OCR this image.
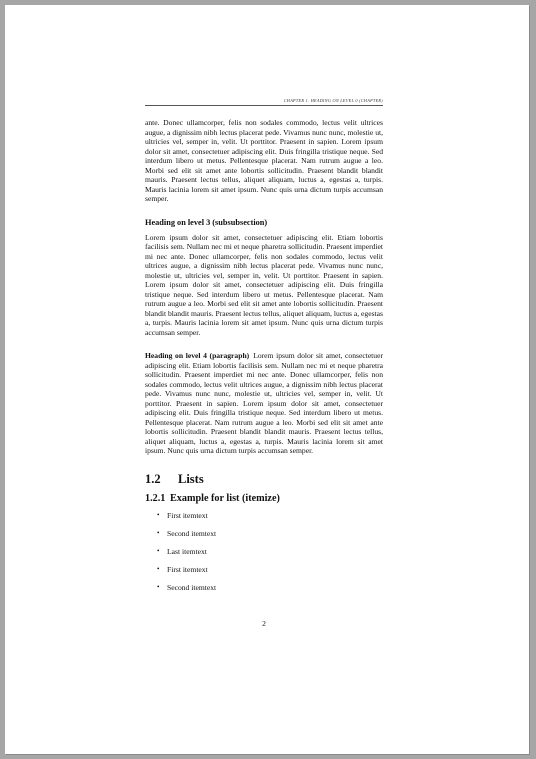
CHAPTER 1. HEADING ON LEVEL 0 (CHAPTER)

ante. Donec ullamcorper, felis non sodales commodo, lectus velit ultrices augue, a dignissim nibh lectus placerat pede. Vivamus nunc nunc, molestie ut, ultricies vel, semper in, velit. Ut porttitor. Praesent in sapien. Lorem ipsum dolor sit amet, consectetuer adipiscing elit. Duis fringilla tristique neque. Sed interdum libero ut metus. Pellentesque placerat. Nam rutrum augue a leo. Morbi sed elit sit amet ante lobortis sollicitudin. Praesent blandit blandit mauris. Praesent lectus tellus, aliquet aliquam, luctus a, egestas a, turpis. Mauris lacinia lorem sit amet ipsum. Nunc quis urna dictum turpis accumsan semper.

Heading on level 3 (subsubsection)

Lorem ipsum dolor sit amet, consectetuer adipiscing elit. Etiam lobortis facilisis sem. Nullam nec mi et neque pharetra sollicitudin. Praesent imperdiet mi nec ante. Donec ullamcorper, felis non sodales commodo, lectus velit ultrices augue, a dignissim nibh lectus placerat pede. Vivamus nunc nunc, molestie ut, ultricies vel, semper in, velit. Ut porttitor. Praesent in sapien. Lorem ipsum dolor sit amet, consectetuer adipiscing elit. Duis fringilla tristique neque. Sed interdum libero ut metus. Pellentesque placerat. Nam rutrum augue a leo. Morbi sed elit sit amet ante lobortis sollicitudin. Praesent blandit blandit mauris. Praesent lectus tellus, aliquet aliquam, luctus a, egestas a, turpis. Mauris lacinia lorem sit amet ipsum. Nunc quis urna dictum turpis accumsan semper.

Heading on level 4 (paragraph) Lorem ipsum dolor sit amet, consectetuer adipiscing elit. Etiam lobortis facilisis sem. Nullam nec mi et neque pharetra sollicitudin. Praesent imperdiet mi nec ante. Donec ullamcorper, felis non sodales commodo, lectus velit ultrices augue, a dignissim nibh lectus placerat pede. Vivamus nunc nunc, molestie ut, ultricies vel, semper in, velit. Ut porttitor. Praesent in sapien. Lorem ipsum dolor sit amet, consectetuer adipiscing elit. Duis fringilla tristique neque. Sed interdum libero ut metus. Pellentesque placerat. Nam rutrum augue a leo. Morbi sed elit sit amet ante lobortis sollicitudin. Praesent blandit blandit mauris. Praesent lectus tellus, aliquet aliquam, luctus a, egestas a, turpis. Mauris lacinia lorem sit amet ipsum. Nunc quis urna dictum turpis accumsan semper.

1.2	Lists
1.2.1 Example for list (itemize)
• First itemtext
• Second itemtext
• Last itemtext
• First itemtext
• Second itemtext
2
